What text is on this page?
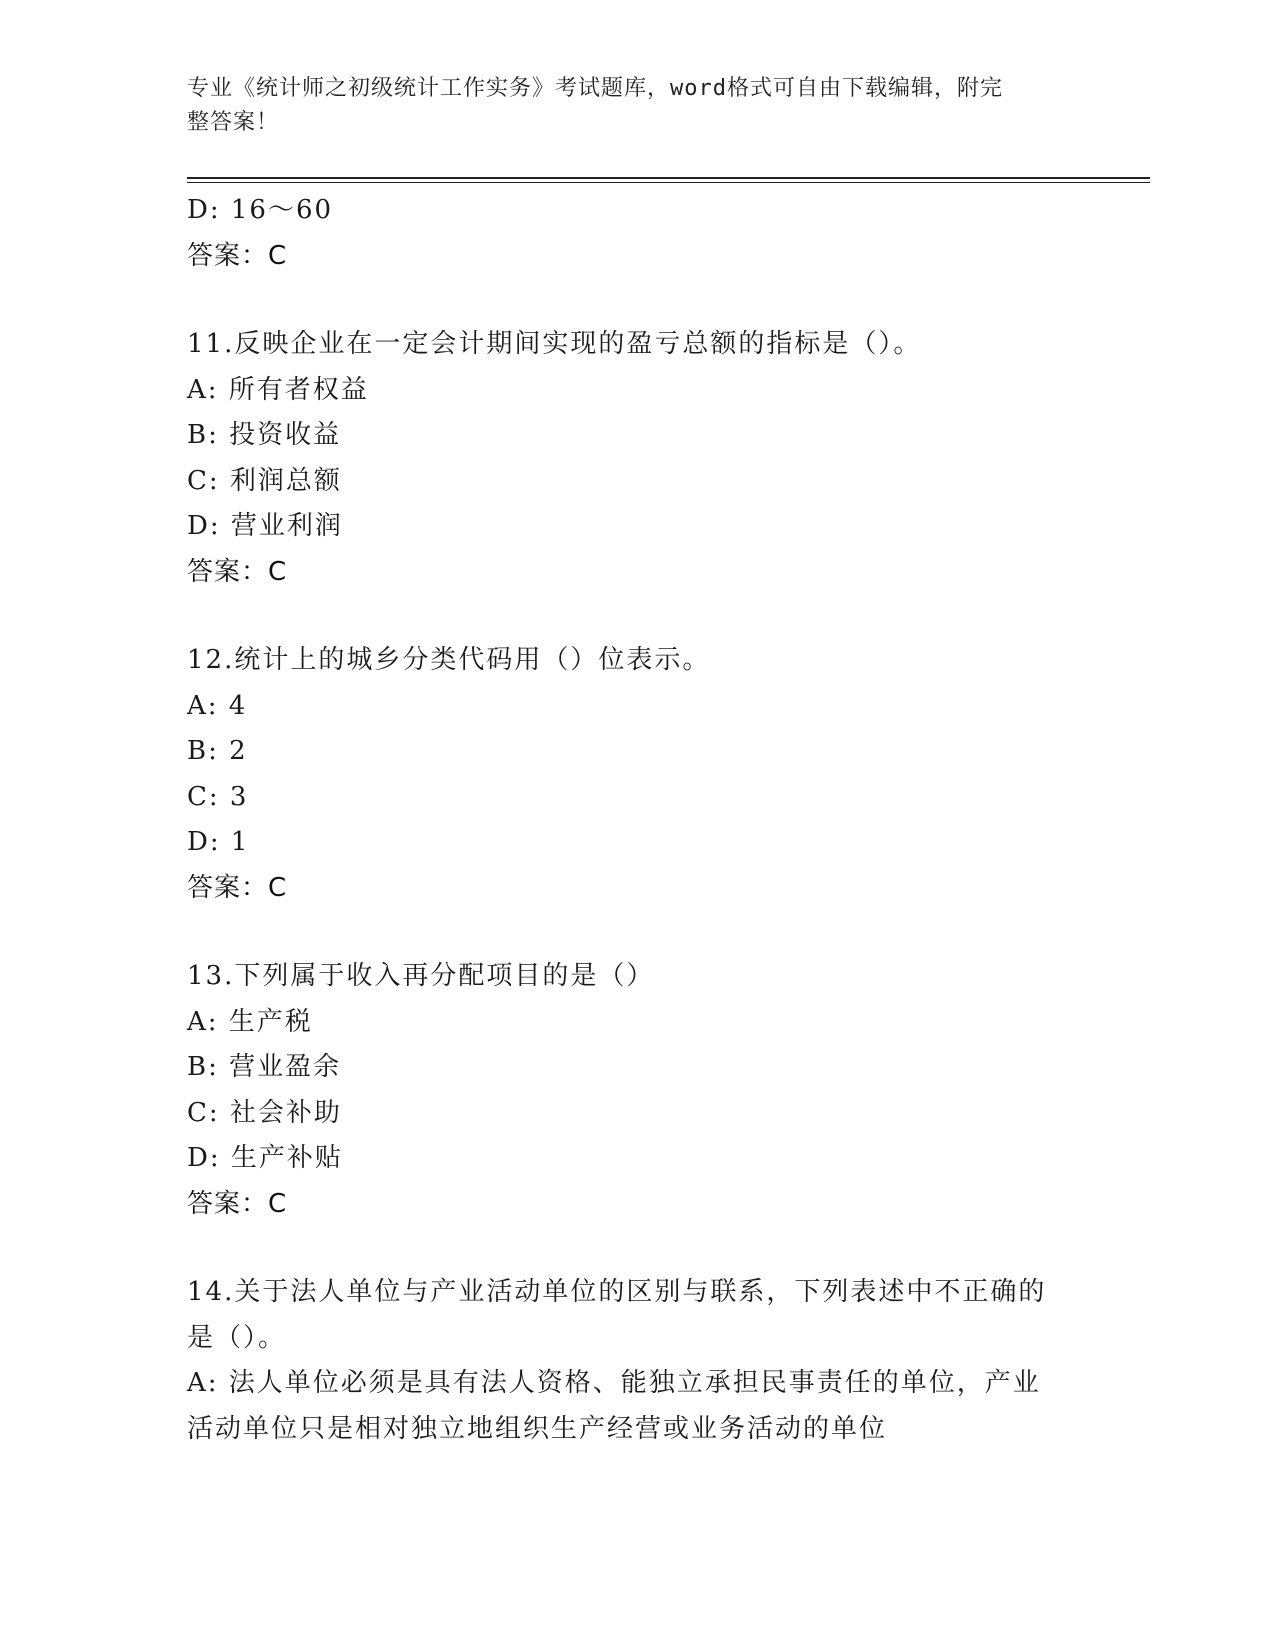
专业《统计师之初级统计工作实务》考试题库，word格式可自由下载编辑，附完
整答案！
D: 16～60
答案：C
11.反映企业在一定会计期间实现的盈亏总额的指标是（）。
A: 所有者权益
B: 投资收益
C: 利润总额
D: 营业利润
答案：C
12.统计上的城乡分类代码用（）位表示。
A: 4
B: 2
C: 3
D: 1
答案：C
13.下列属于收入再分配项目的是（）
A: 生产税
B: 营业盈余
C: 社会补助
D: 生产补贴
答案：C
14.关于法人单位与产业活动单位的区别与联系，下列表述中不正确的
是（）。
A: 法人单位必须是具有法人资格、能独立承担民事责任的单位，产业
活动单位只是相对独立地组织生产经营或业务活动的单位
